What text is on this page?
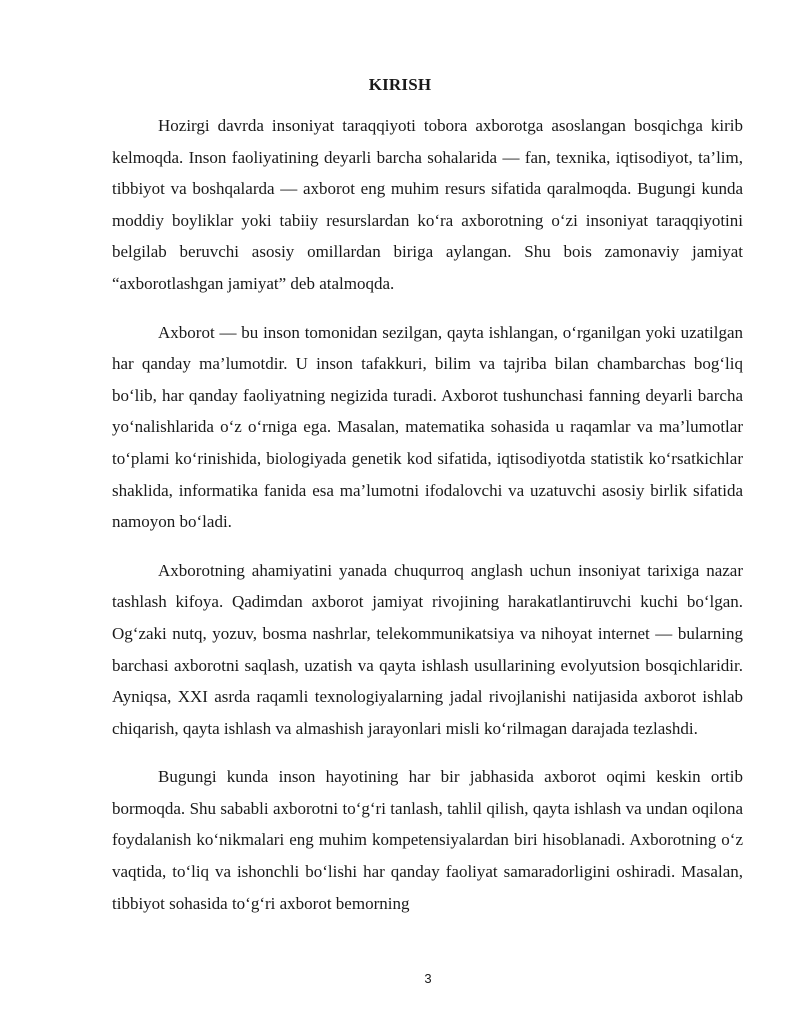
KIRISH

Hozirgi davrda insoniyat taraqqiyoti tobora axborotga asoslangan bosqichga kirib kelmoqda. Inson faoliyatining deyarli barcha sohalarida — fan, texnika, iqtisodiyot, ta’lim, tibbiyot va boshqalarda — axborot eng muhim resurs sifatida qaralmoqda. Bugungi kunda moddiy boyliklar yoki tabiiy resurslardan ko‘ra axborotning o‘zi insoniyat taraqqiyotini belgilab beruvchi asosiy omillardan biriga aylangan. Shu bois zamonaviy jamiyat “axborotlashgan jamiyat” deb atalmoqda.

Axborot — bu inson tomonidan sezilgan, qayta ishlangan, o‘rganilgan yoki uzatilgan har qanday ma’lumotdir. U inson tafakkuri, bilim va tajriba bilan chambarchas bog‘liq bo‘lib, har qanday faoliyatning negizida turadi. Axborot tushunchasi fanning deyarli barcha yo‘nalishlarida o‘z o‘rniga ega. Masalan, matematika sohasida u raqamlar va ma’lumotlar to‘plami ko‘rinishida, biologiyada genetik kod sifatida, iqtisodiyotda statistik ko‘rsatkichlar shaklida, informatika fanida esa ma’lumotni ifodalovchi va uzatuvchi asosiy birlik sifatida namoyon bo‘ladi.

Axborotning ahamiyatini yanada chuqurroq anglash uchun insoniyat tarixiga nazar tashlash kifoya. Qadimdan axborot jamiyat rivojining harakatlantiruvchi kuchi bo‘lgan. Og‘zaki nutq, yozuv, bosma nashrlar, telekommunikatsiya va nihoyat internet — bularning barchasi axborotni saqlash, uzatish va qayta ishlash usullarining evolyutsion bosqichlaridir. Ayniqsa, XXI asrda raqamli texnologiyalarning jadal rivojlanishi natijasida axborot ishlab chiqarish, qayta ishlash va almashish jarayonlari misli ko‘rilmagan darajada tezlashdi.

Bugungi kunda inson hayotining har bir jabhasida axborot oqimi keskin ortib bormoqda. Shu sababli axborotni to‘g‘ri tanlash, tahlil qilish, qayta ishlash va undan oqilona foydalanish ko‘nikmalari eng muhim kompetensiyalardan biri hisoblanadi. Axborotning o‘z vaqtida, to‘liq va ishonchli bo‘lishi har qanday faoliyat samaradorligini oshiradi. Masalan, tibbiyot sohasida to‘g‘ri axborot bemorning

3
